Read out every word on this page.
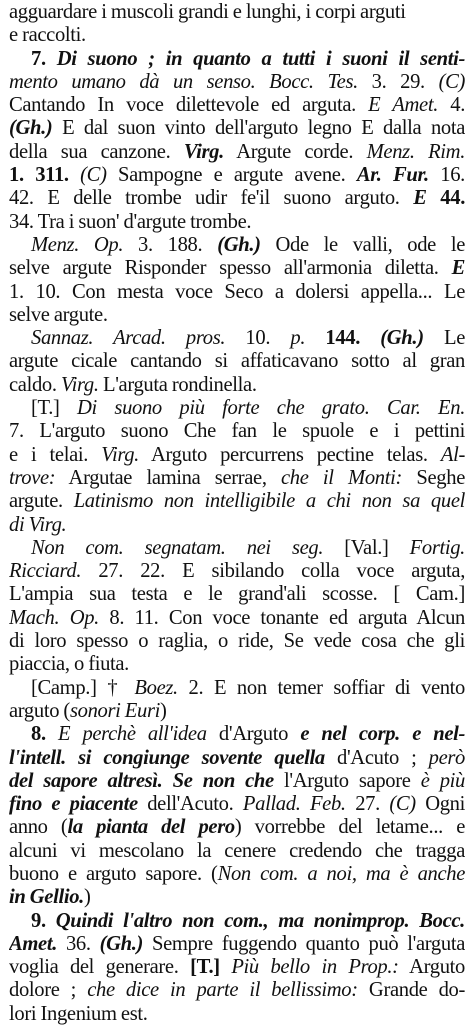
agguardare i muscoli grandi e lunghi, i corpi arguti
e raccolti.
7. Di suono ; in quanto a tutti i suoni il senti-
mento umano dà un senso. Bocc. Tes. 3. 29. (C)
Cantando In voce dilettevole ed arguta. E Amet. 4.
(Gh.) E dal suon vinto dell'arguto legno E dalla nota
della sua canzone. Virg. Argute corde. Menz. Rim.
1. 311. (C) Sampogne e argute avene. Ar. Fur. 16.
42. E delle trombe udir fe'il suono arguto. E 44.
34. Tra i suon' d'argute trombe.
Menz. Op. 3. 188. (Gh.) Ode le valli, ode le
selve argute Risponder spesso all'armonia diletta. E
1. 10. Con mesta voce Seco a dolersi appella... Le
selve argute.
Sannaz. Arcad. pros. 10. p. 144. (Gh.) Le
argute cicale cantando si affaticavano sotto al gran
caldo. Virg. L'arguta rondinella.
[T.] Di suono più forte che grato. Car. En.
7. L'arguto suono Che fan le spuole e i pettini
e i telai. Virg. Arguto percurrens pectine telas. Al-
trove: Argutae lamina serrae, che il Monti: Seghe
argute. Latinismo non intelligibile a chi non sa quel
di Virg.
Non com. segnatam. nei seg. [Val.] Fortig.
Ricciard. 27. 22. E sibilando colla voce arguta,
L'ampia sua testa e le grand'ali scosse. [ Cam.]
Mach. Op. 8. 11. Con voce tonante ed arguta Alcun
di loro spesso o raglia, o ride, Se vede cosa che gli
piaccia, o fiuta.
[Camp.] † Boez. 2. E non temer soffiar di vento
arguto (sonori Euri)
8. E perchè all'idea d'Arguto e nel corp. e nel-
l'intell. si congiunge sovente quella d'Acuto ; però
del sapore altresì. Se non che l'Arguto sapore è più
fino e piacente dell'Acuto. Pallad. Feb. 27. (C) Ogni
anno (la pianta del pero) vorrebbe del letame... e
alcuni vi mescolano la cenere credendo che tragga
buono e arguto sapore. (Non com. a noi, ma è anche
in Gellio.)
9. Quindi l'altro non com., ma nonimprop. Bocc.
Amet. 36. (Gh.) Sempre fuggendo quanto può l'arguta
voglia del generare. [T.] Più bello in Prop.: Arguto
dolore ; che dice in parte il bellissimo: Grande do-
lori Ingenium est.
